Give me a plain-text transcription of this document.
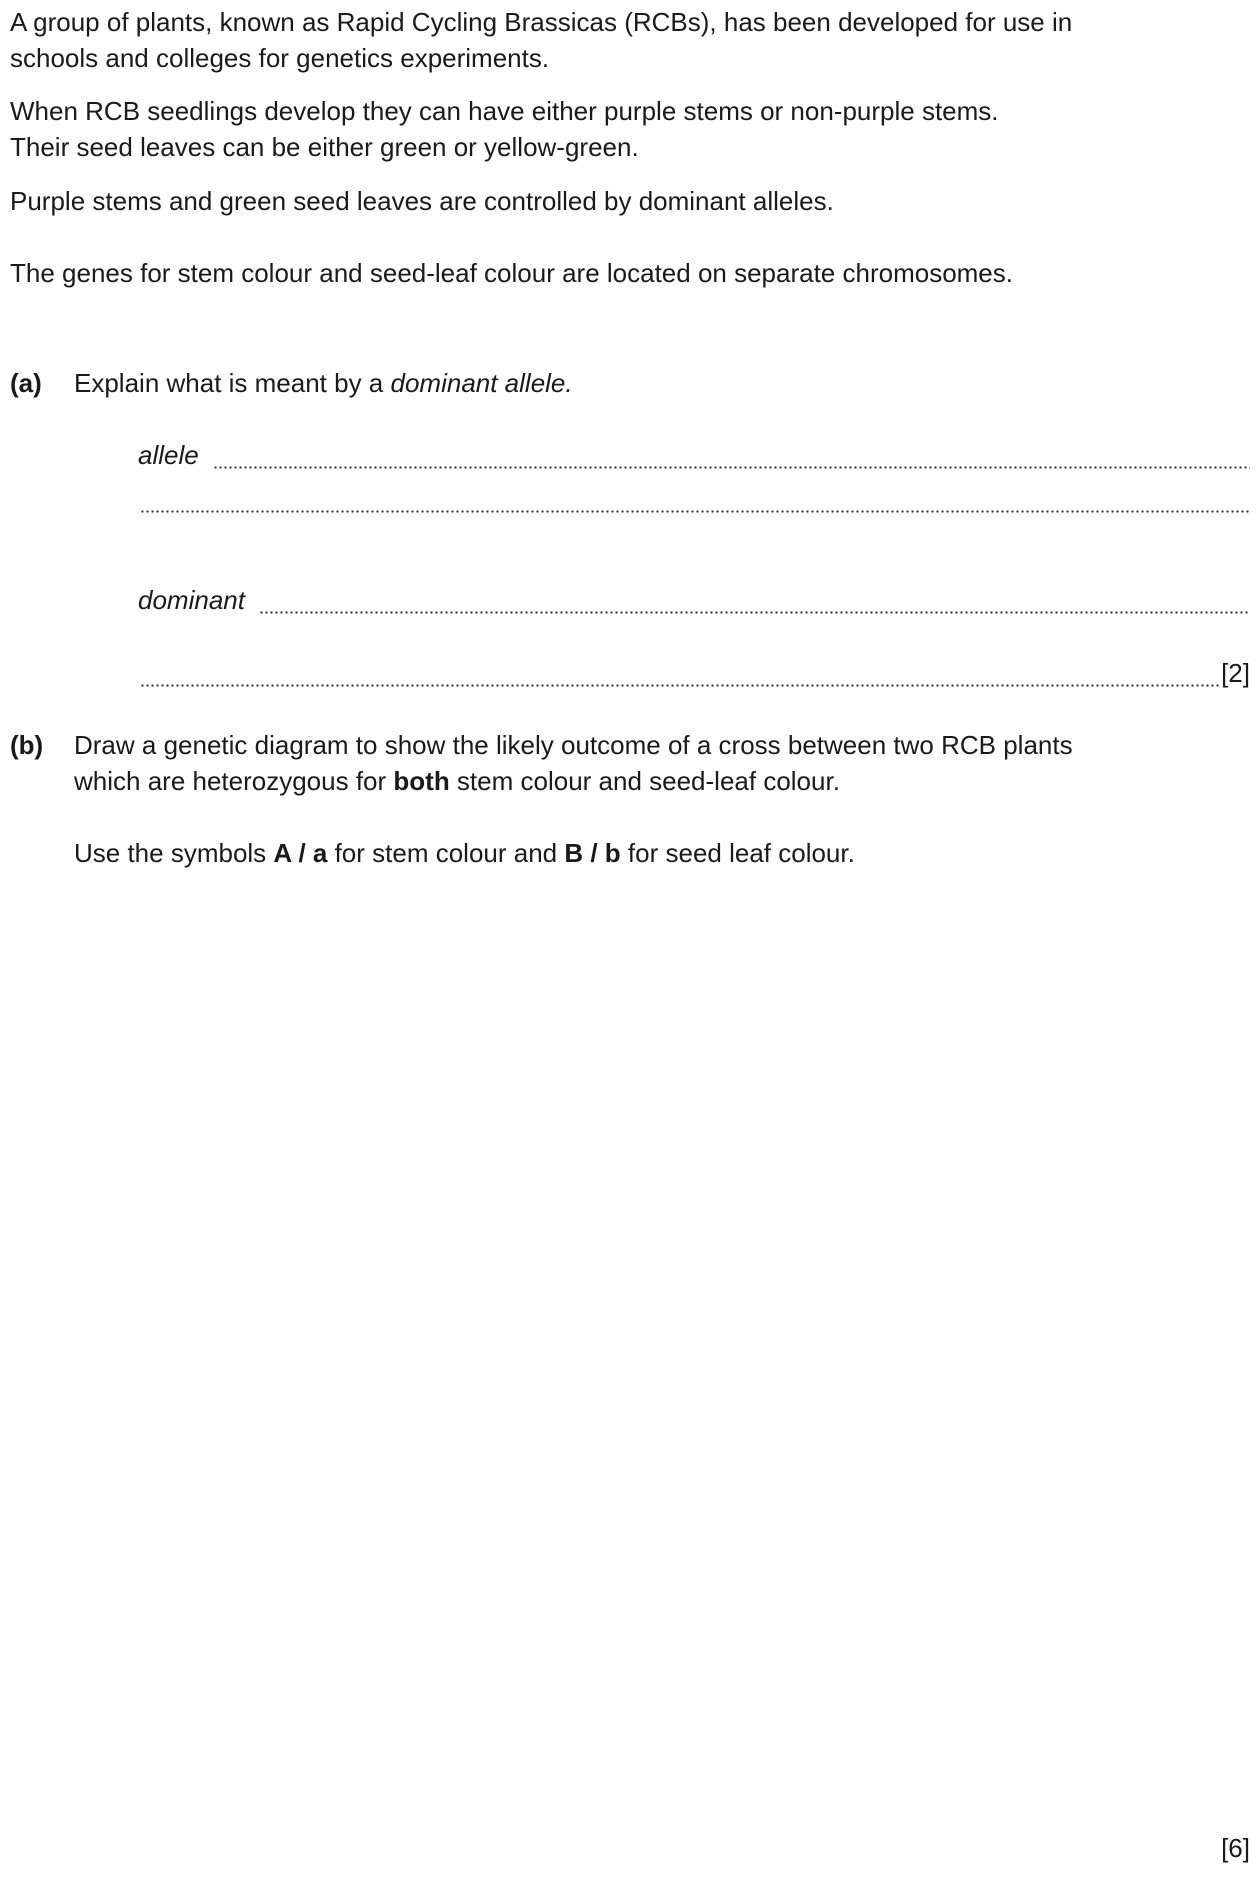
A group of plants, known as Rapid Cycling Brassicas (RCBs), has been developed for use in
schools and colleges for genetics experiments.

When RCB seedlings develop they can have either purple stems or non-purple stems.
Their seed leaves can be either green or yellow-green.

Purple stems and green seed leaves are controlled by dominant alleles.

The genes for stem colour and seed-leaf colour are located on separate chromosomes.

(a) Explain what is meant by a dominant allele.
allele
dominant
[2]
(b) Draw a genetic diagram to show the likely outcome of a cross between two RCB plants
which are heterozygous for both stem colour and seed-leaf colour.
Use the symbols A / a for stem colour and B / b for seed leaf colour.
[6]
